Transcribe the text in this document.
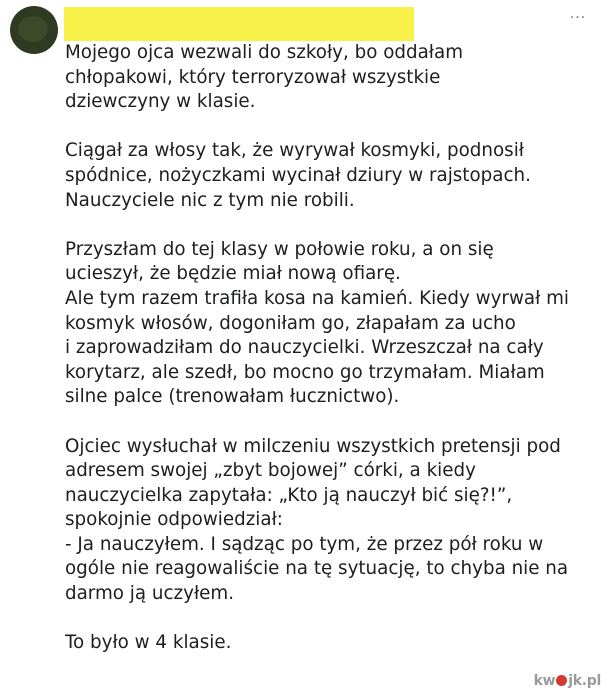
···

Mojego ojca wezwali do szkoły, bo oddałam
chłopakowi, który terroryzował wszystkie
dziewczyny w klasie.

Ciągał za włosy tak, że wyrywał kosmyki, podnosił
spódnice, nożyczkami wycinał dziury w rajstopach.
Nauczyciele nic z tym nie robili.

Przyszłam do tej klasy w połowie roku, a on się
ucieszył, że będzie miał nową ofiarę.
Ale tym razem trafiła kosa na kamień. Kiedy wyrwał mi
kosmyk włosów, dogoniłam go, złapałam za ucho
i zaprowadziłam do nauczycielki. Wrzeszczał na cały
korytarz, ale szedł, bo mocno go trzymałam. Miałam
silne palce (trenowałam łucznictwo).

Ojciec wysłuchał w milczeniu wszystkich pretensji pod
adresem swojej „zbyt bojowej” córki, a kiedy
nauczycielka zapytała: „Kto ją nauczył bić się?!”,
spokojnie odpowiedział:
- Ja nauczyłem. I sądząc po tym, że przez pół roku w
ogóle nie reagowaliście na tę sytuację, to chyba nie na
darmo ją uczyłem.

To było w 4 klasie.

kw jk.pl
